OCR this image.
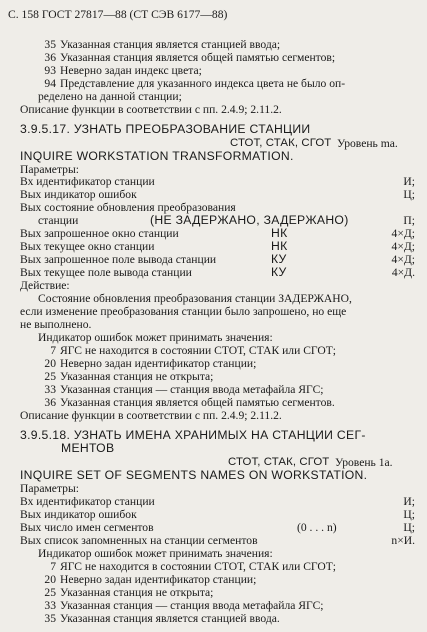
С. 158 ГОСТ 27817—88 (СТ СЭВ 6177—88)
35 Указанная станция является станцией ввода;
36 Указанная станция является общей памятью сегментов;
93 Неверно задан индекс цвета;
94 Представление для указанного индекса цвета не было оп-
ределено на данной станции;
Описание функции в соответствии с пп. 2.4.9; 2.11.2.
3.9.5.17. УЗНАТЬ ПРЕОБРАЗОВАНИЕ СТАНЦИИ
СТОТ, СТАК, СГОТ Уровень ma.
INQUIRE WORKSTATION TRANSFORMATION.
Параметры:
Вх идентификатор станции	И;
Вых индикатор ошибок	Ц;
Вых состояние обновления преобразования
станции	(НЕ ЗАДЕРЖАНО, ЗАДЕРЖАНО)	П;
Вых запрошенное окно станции	НК	4×Д;
Вых текущее окно станции	НК	4×Д;
Вых запрошенное поле вывода станции	КУ	4×Д;
Вых текущее поле вывода станции	КУ	4×Д.
Действие:
Состояние обновления преобразования станции ЗАДЕРЖАНО,
если изменение преобразования станции было запрошено, но еще
не выполнено.
Индикатор ошибок может принимать значения:
7 ЯГС не находится в состоянии СТОТ, СТАК или СГОТ;
20 Неверно задан идентификатор станции;
25 Указанная станция не открыта;
33 Указанная станция — станция ввода метафайла ЯГС;
36 Указанная станция является общей памятью сегментов.
Описание функции в соответствии с пп. 2.4.9; 2.11.2.
3.9.5.18. УЗНАТЬ ИМЕНА ХРАНИМЫХ НА СТАНЦИИ СЕГ-
МЕНТОВ
СТОТ, СТАК, СГОТ Уровень 1a.
INQUIRE SET OF SEGMENTS NAMES ON WORKSTATION.
Параметры:
Вх идентификатор станции	И;
Вых индикатор ошибок	Ц;
Вых число имен сегментов	(0 . . . n)	Ц;
Вых список запомненных на станции сегментов	n×И.
Индикатор ошибок может принимать значения:
7 ЯГС не находится в состоянии СТОТ, СТАК или СГОТ;
20 Неверно задан идентификатор станции;
25 Указанная станция не открыта;
33 Указанная станция — станция ввода метафайла ЯГС;
35 Указанная станция является станцией ввода.
